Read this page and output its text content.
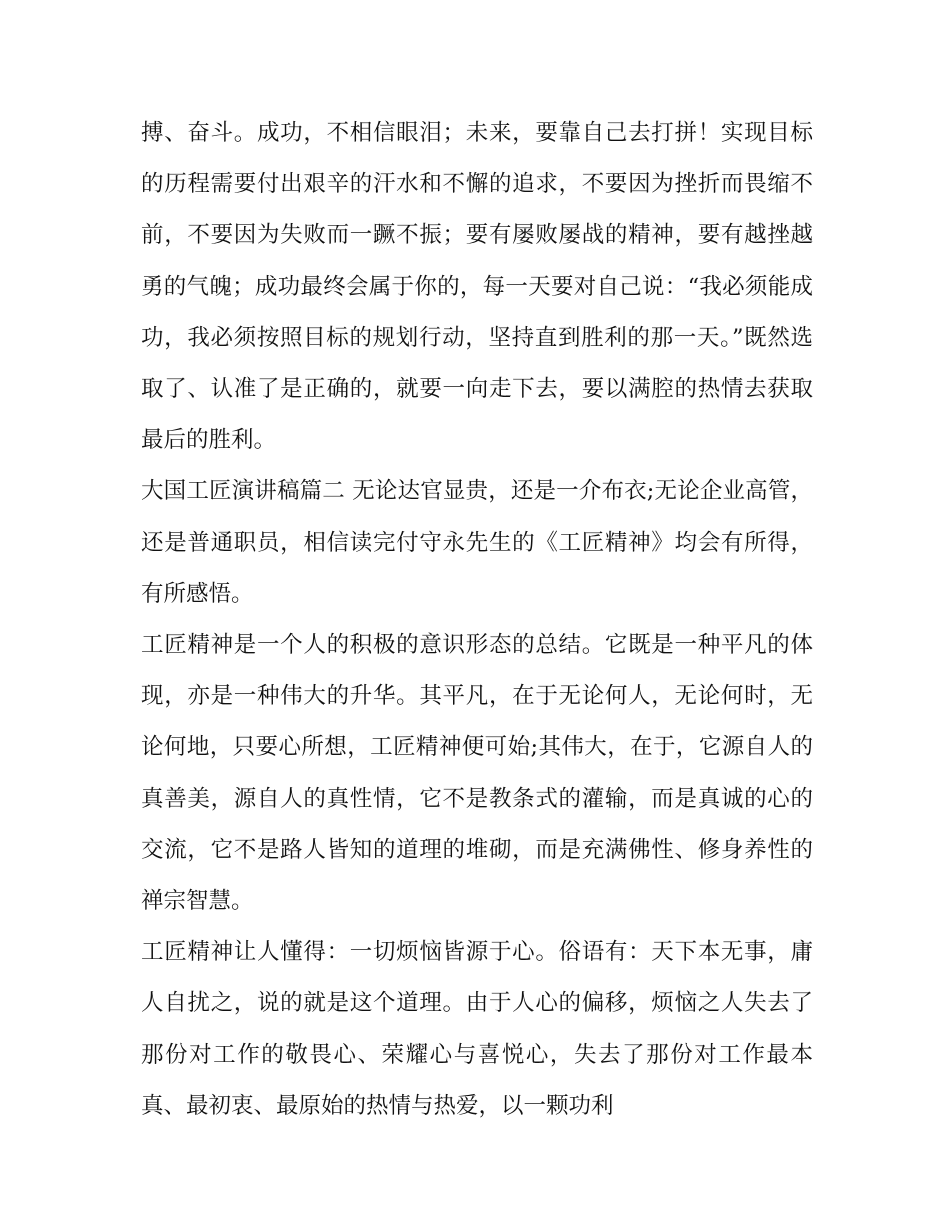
搏、奋斗。成功，不相信眼泪；未来，要靠自己去打拼！实现目标的历程需要付出艰辛的汗水和不懈的追求，不要因为挫折而畏缩不前，不要因为失败而一蹶不振；要有屡败屡战的精神，要有越挫越勇的气魄；成功最终会属于你的，每一天要对自己说：“我必须能成功，我必须按照目标的规划行动，坚持直到胜利的那一天。”既然选取了、认准了是正确的，就要一向走下去，要以满腔的热情去获取最后的胜利。

大国工匠演讲稿篇二 无论达官显贵，还是一介布衣;无论企业高管，还是普通职员，相信读完付守永先生的《工匠精神》均会有所得，有所感悟。

工匠精神是一个人的积极的意识形态的总结。它既是一种平凡的体现，亦是一种伟大的升华。其平凡，在于无论何人，无论何时，无论何地，只要心所想，工匠精神便可始;其伟大，在于，它源自人的真善美，源自人的真性情，它不是教条式的灌输，而是真诚的心的交流，它不是路人皆知的道理的堆砌，而是充满佛性、修身养性的禅宗智慧。

工匠精神让人懂得：一切烦恼皆源于心。俗语有：天下本无事，庸人自扰之，说的就是这个道理。由于人心的偏移，烦恼之人失去了那份对工作的敬畏心、荣耀心与喜悦心，失去了那份对工作最本真、最初衷、最原始的热情与热爱，以一颗功利
